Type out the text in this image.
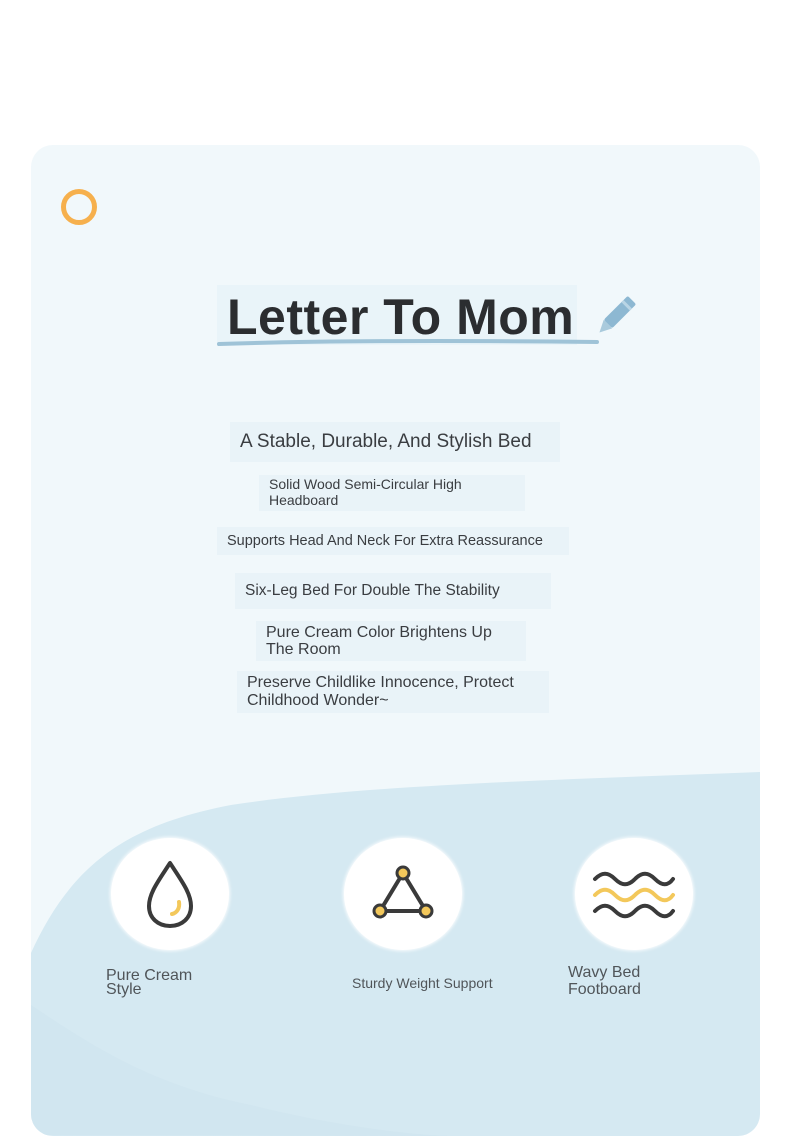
Letter To Mom
A Stable, Durable, And Stylish Bed
Solid Wood Semi-Circular High
Headboard
Supports Head And Neck For Extra Reassurance
Six-Leg Bed For Double The Stability
Pure Cream Color Brightens Up
The Room
Preserve Childlike Innocence, Protect
Childhood Wonder~
Pure Cream
Style	Sturdy Weight Support
Wavy Bed
Footboard
